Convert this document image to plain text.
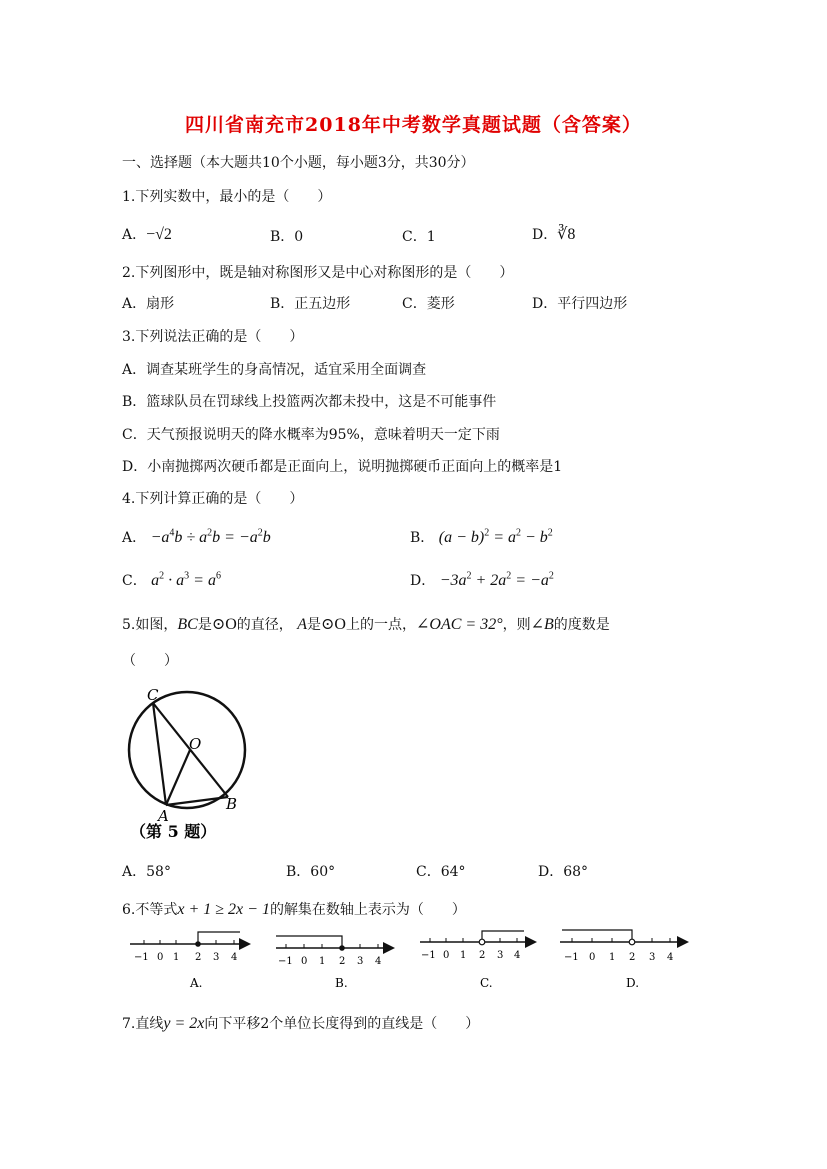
四川省南充市2018年中考数学真题试题（含答案）
一、选择题（本大题共10个小题，每小题3分，共30分）
1.下列实数中，最小的是（　　）
A．−√2	B．0	C．1	D．∛8
2.下列图形中，既是轴对称图形又是中心对称图形的是（　　）
A．扇形	B．正五边形	C．菱形	D．平行四边形
3.下列说法正确的是（　　）
A．调查某班学生的身高情况，适宜采用全面调查
B．篮球队员在罚球线上投篮两次都未投中，这是不可能事件
C．天气预报说明天的降水概率为95%，意味着明天一定下雨
D．小南抛掷两次硬币都是正面向上，说明抛掷硬币正面向上的概率是1
4.下列计算正确的是（　　）
A． $-a^4b \div a^2b = -a^2b$	B． $(a - b)^2 = a^2 - b^2$
C． $a^2 \cdot a^3 = a^6$	D． $-3a^2 + 2a^2 = -a^2$
5.如图，BC是⊙O的直径， A是⊙O上的一点，∠OAC = 32°，则∠B的度数是
（　　）
C
O
A
B
（第 5 题）
A．58°	B．60°	C．64°	D．68°
6.不等式x + 1 ≥ 2x − 1的解集在数轴上表示为（　　）
−1 0 1 2 3 4
A.
−1 0 1 2 3 4
B.
−1 0 1 2 3 4
C.
−1 0 1 2 3 4
D.
7.直线y = 2x向下平移2个单位长度得到的直线是（　　）
